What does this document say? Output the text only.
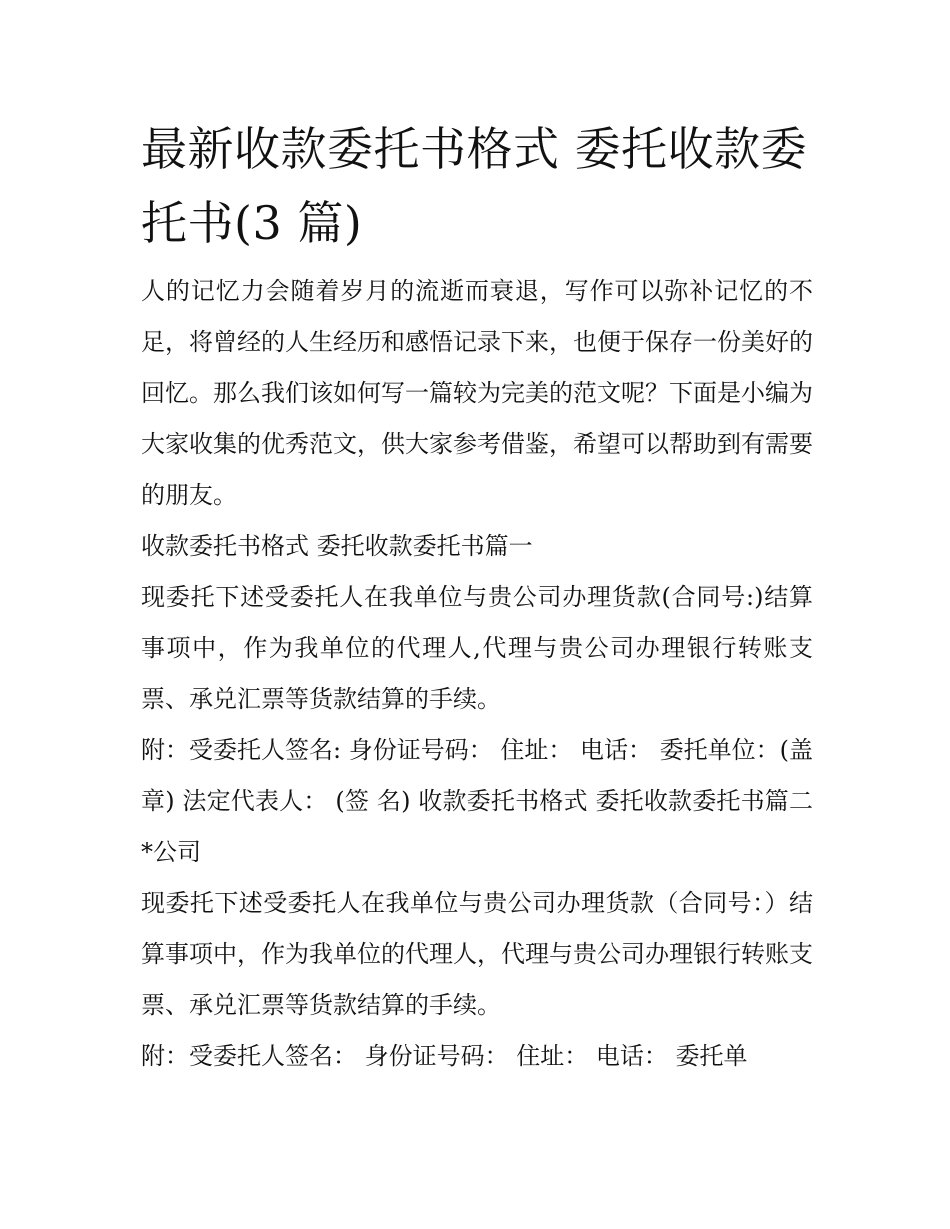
最新收款委托书格式 委托收款委托书(3 篇)

人的记忆力会随着岁月的流逝而衰退，写作可以弥补记忆的不足，将曾经的人生经历和感悟记录下来，也便于保存一份美好的回忆。那么我们该如何写一篇较为完美的范文呢？下面是小编为大家收集的优秀范文，供大家参考借鉴，希望可以帮助到有需要的朋友。

收款委托书格式 委托收款委托书篇一

现委托下述受委托人在我单位与贵公司办理货款(合同号:)结算事项中，作为我单位的代理人,代理与贵公司办理银行转账支票、承兑汇票等货款结算的手续。

附：受委托人签名: 身份证号码： 住址： 电话： 委托单位：(盖 章) 法定代表人： (签 名) 收款委托书格式 委托收款委托书篇二 *公司

现委托下述受委托人在我单位与贵公司办理货款（合同号：）结算事项中，作为我单位的代理人，代理与贵公司办理银行转账支票、承兑汇票等货款结算的手续。

附：受委托人签名： 身份证号码： 住址： 电话： 委托单
